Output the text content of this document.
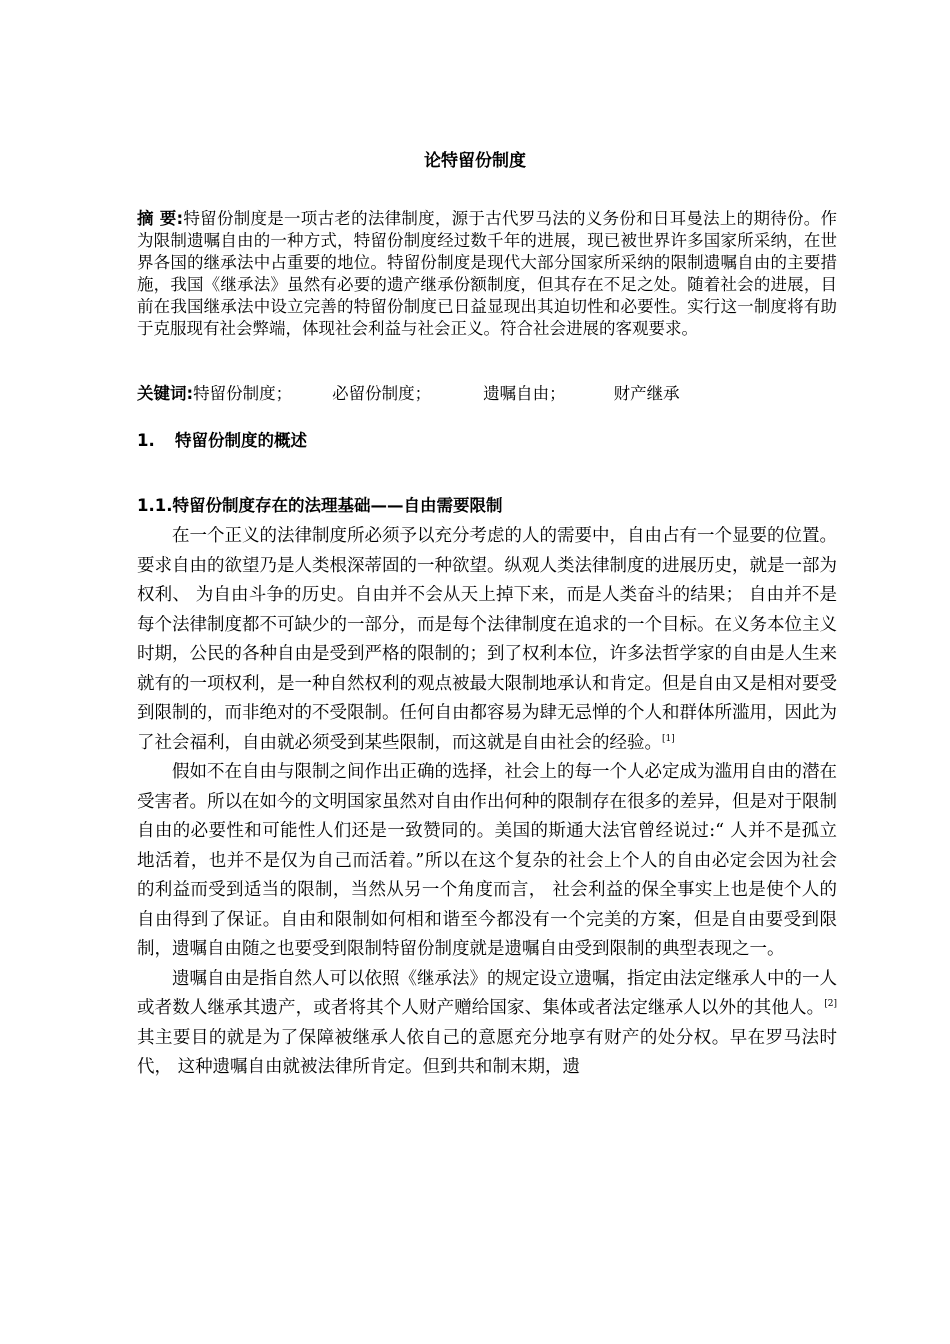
论特留份制度
摘 要:特留份制度是一项古老的法律制度，源于古代罗马法的义务份和日耳曼法上的期待份。作为限制遗嘱自由的一种方式，特留份制度经过数千年的进展，现已被世界许多国家所采纳，在世界各国的继承法中占重要的地位。特留份制度是现代大部分国家所采纳的限制遗嘱自由的主要措施，我国《继承法》虽然有必要的遗产继承份额制度，但其存在不足之处。随着社会的进展，目前在我国继承法中设立完善的特留份制度已日益显现出其迫切性和必要性。实行这一制度将有助于克服现有社会弊端，体现社会利益与社会正义。符合社会进展的客观要求。
关键词:特留份制度； 必留份制度；	遗嘱自由；	财产继承
1. 特留份制度的概述
1.1.特留份制度存在的法理基础——自由需要限制

在一个正义的法律制度所必须予以充分考虑的人的需要中，自由占有一个显要的位置。要求自由的欲望乃是人类根深蒂固的一种欲望。纵观人类法律制度的进展历史，就是一部为权利、 为自由斗争的历史。自由并不会从天上掉下来，而是人类奋斗的结果； 自由并不是每个法律制度都不可缺少的一部分，而是每个法律制度在追求的一个目标。在义务本位主义时期，公民的各种自由是受到严格的限制的；到了权利本位，许多法哲学家的自由是人生来就有的一项权利，是一种自然权利的观点被最大限制地承认和肯定。但是自由又是相对要受到限制的，而非绝对的不受限制。任何自由都容易为肆无忌惮的个人和群体所滥用，因此为了社会福利，自由就必须受到某些限制，而这就是自由社会的经验。[1]

假如不在自由与限制之间作出正确的选择，社会上的每一个人必定成为滥用自由的潜在受害者。所以在如今的文明国家虽然对自由作出何种的限制存在很多的差异，但是对于限制自由的必要性和可能性人们还是一致赞同的。美国的斯通大法官曾经说过:“ 人并不是孤立地活着，也并不是仅为自己而活着。”所以在这个复杂的社会上个人的自由必定会因为社会的利益而受到适当的限制，当然从另一个角度而言， 社会利益的保全事实上也是使个人的自由得到了保证。自由和限制如何相和谐至今都没有一个完美的方案，但是自由要受到限制，遗嘱自由随之也要受到限制特留份制度就是遗嘱自由受到限制的典型表现之一。

遗嘱自由是指自然人可以依照《继承法》的规定设立遗嘱，指定由法定继承人中的一人或者数人继承其遗产，或者将其个人财产赠给国家、集体或者法定继承人以外的其他人。[2]其主要目的就是为了保障被继承人依自己的意愿充分地享有财产的处分权。早在罗马法时代， 这种遗嘱自由就被法律所肯定。但到共和制末期，遗
